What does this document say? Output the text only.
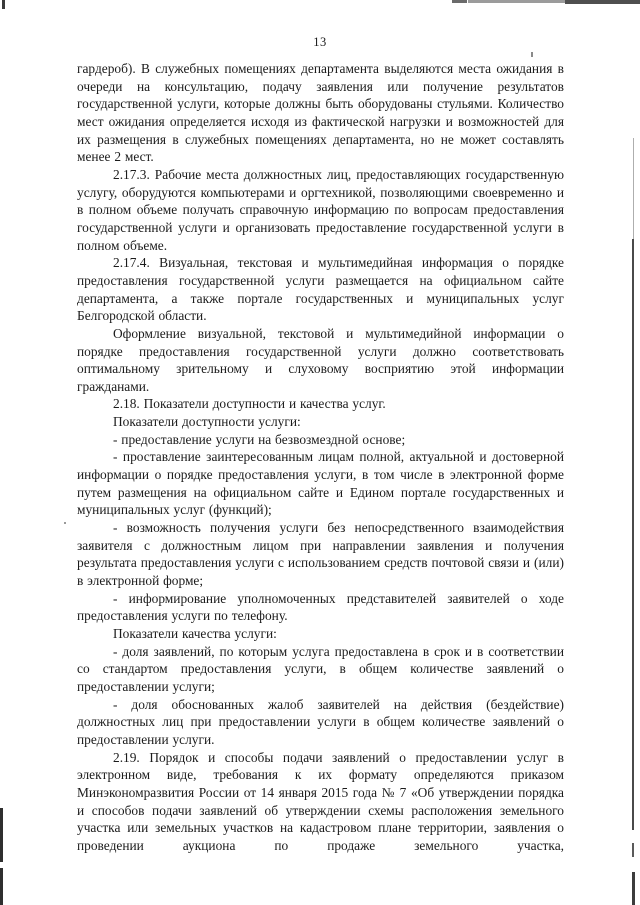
13

гардероб). В служебных помещениях департамента выделяются места ожидания в очереди на консультацию, подачу заявления или получение результатов государственной услуги, которые должны быть оборудованы стульями. Количество мест ожидания определяется исходя из фактической нагрузки и возможностей для их размещения в служебных помещениях департамента, но не может составлять менее 2 мест.

2.17.3. Рабочие места должностных лиц, предоставляющих государственную услугу, оборудуются компьютерами и оргтехникой, позволяющими своевременно и в полном объеме получать справочную информацию по вопросам предоставления государственной услуги и организовать предоставление государственной услуги в полном объеме.

2.17.4. Визуальная, текстовая и мультимедийная информация о порядке предоставления государственной услуги размещается на официальном сайте департамента, а также портале государственных и муниципальных услуг Белгородской области.

Оформление визуальной, текстовой и мультимедийной информации о порядке предоставления государственной услуги должно соответствовать оптимальному зрительному и слуховому восприятию этой информации гражданами.

2.18. Показатели доступности и качества услуг.

Показатели доступности услуги:

- предоставление услуги на безвозмездной основе;

- проставление заинтересованным лицам полной, актуальной и достоверной информации о порядке предоставления услуги, в том числе в электронной форме путем размещения на официальном сайте и Едином портале государственных и муниципальных услуг (функций);

- возможность получения услуги без непосредственного взаимодействия заявителя с должностным лицом при направлении заявления и получения результата предоставления услуги с использованием средств почтовой связи и (или) в электронной форме;

- информирование уполномоченных представителей заявителей о ходе предоставления услуги по телефону.

Показатели качества услуги:

- доля заявлений, по которым услуга предоставлена в срок и в соответствии со стандартом предоставления услуги, в общем количестве заявлений о предоставлении услуги;

- доля обоснованных жалоб заявителей на действия (бездействие) должностных лиц при предоставлении услуги в общем количестве заявлений о предоставлении услуги.

2.19. Порядок и способы подачи заявлений о предоставлении услуг в электронном виде, требования к их формату определяются приказом Минэкономразвития России от 14 января 2015 года № 7 «Об утверждении порядка и способов подачи заявлений об утверждении схемы расположения земельного участка или земельных участков на кадастровом плане территории, заявления о проведении аукциона по продаже земельного участка,
